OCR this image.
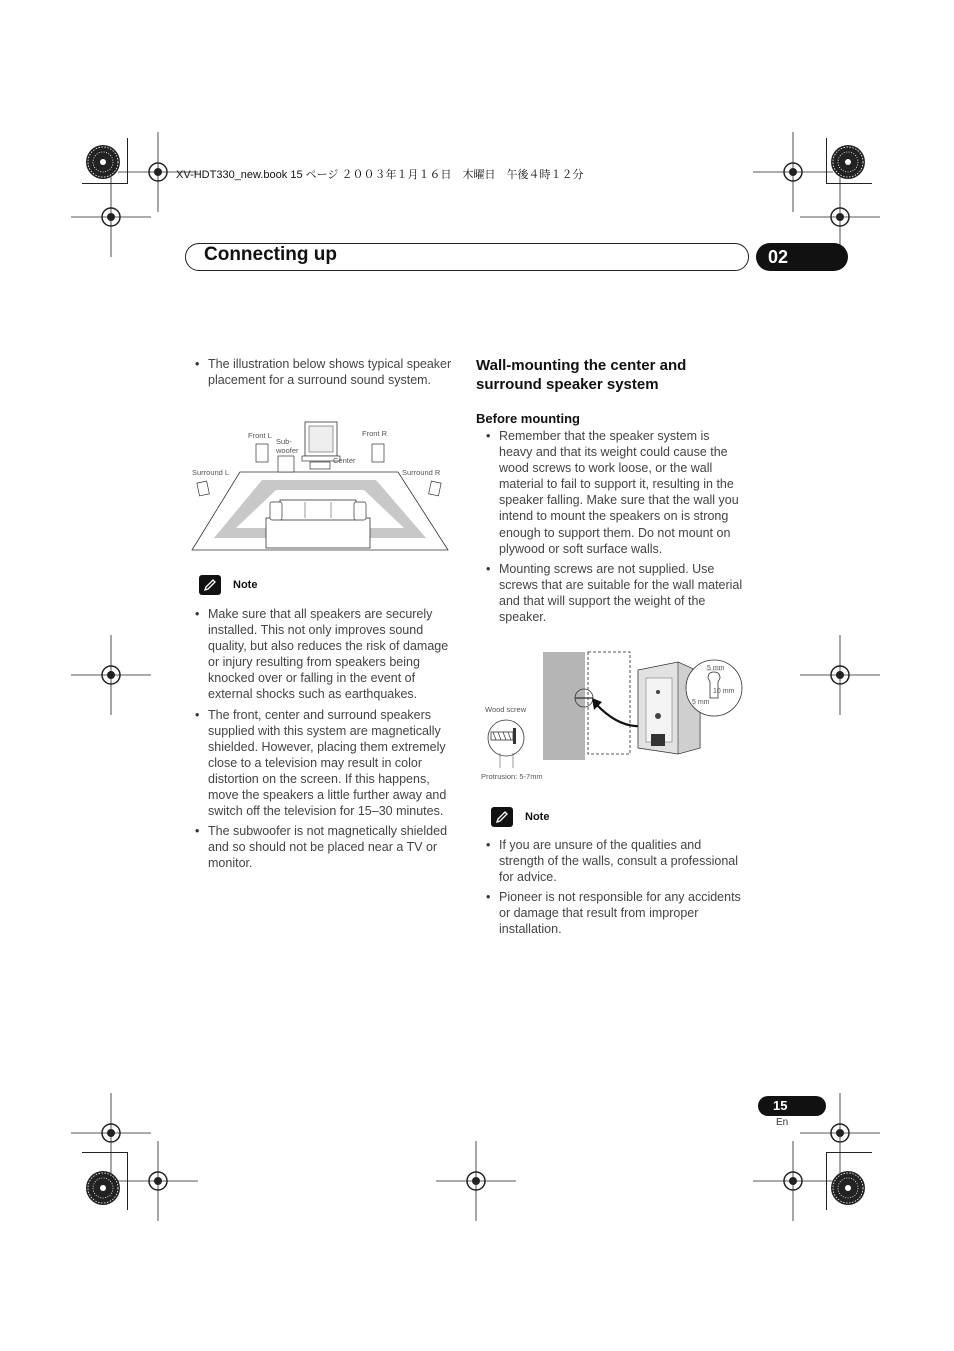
XV-HDT330_new.book 15 ページ ２００３年１月１６日　木曜日　午後４時１２分
Connecting up	02
• The illustration below shows typical speaker placement for a surround sound system.
Front L
Sub-
woofer
Center
Front R
Surround L	Surround R
Note
• Make sure that all speakers are securely installed. This not only improves sound quality, but also reduces the risk of damage or injury resulting from speakers being knocked over or falling in the event of external shocks such as earthquakes.
• The front, center and surround speakers supplied with this system are magnetically shielded. However, placing them extremely close to a television may result in color distortion on the screen. If this happens, move the speakers a little further away and switch off the television for 15–30 minutes.
• The subwoofer is not magnetically shielded and so should not be placed near a TV or monitor.
Wall-mounting the center and
surround speaker system
Before mounting
• Remember that the speaker system is heavy and that its weight could cause the wood screws to work loose, or the wall material to fail to support it, resulting in the speaker falling. Make sure that the wall you intend to mount the speakers on is strong enough to support them. Do not mount on plywood or soft surface walls.
• Mounting screws are not supplied. Use screws that are suitable for the wall material and that will support the weight of the speaker.
Wood screw
Protrusion: 5-7mm
5 mm
10 mm
5 mm
Note
• If you are unsure of the qualities and strength of the walls, consult a professional for advice.
• Pioneer is not responsible for any accidents or damage that result from improper installation.
15
En
